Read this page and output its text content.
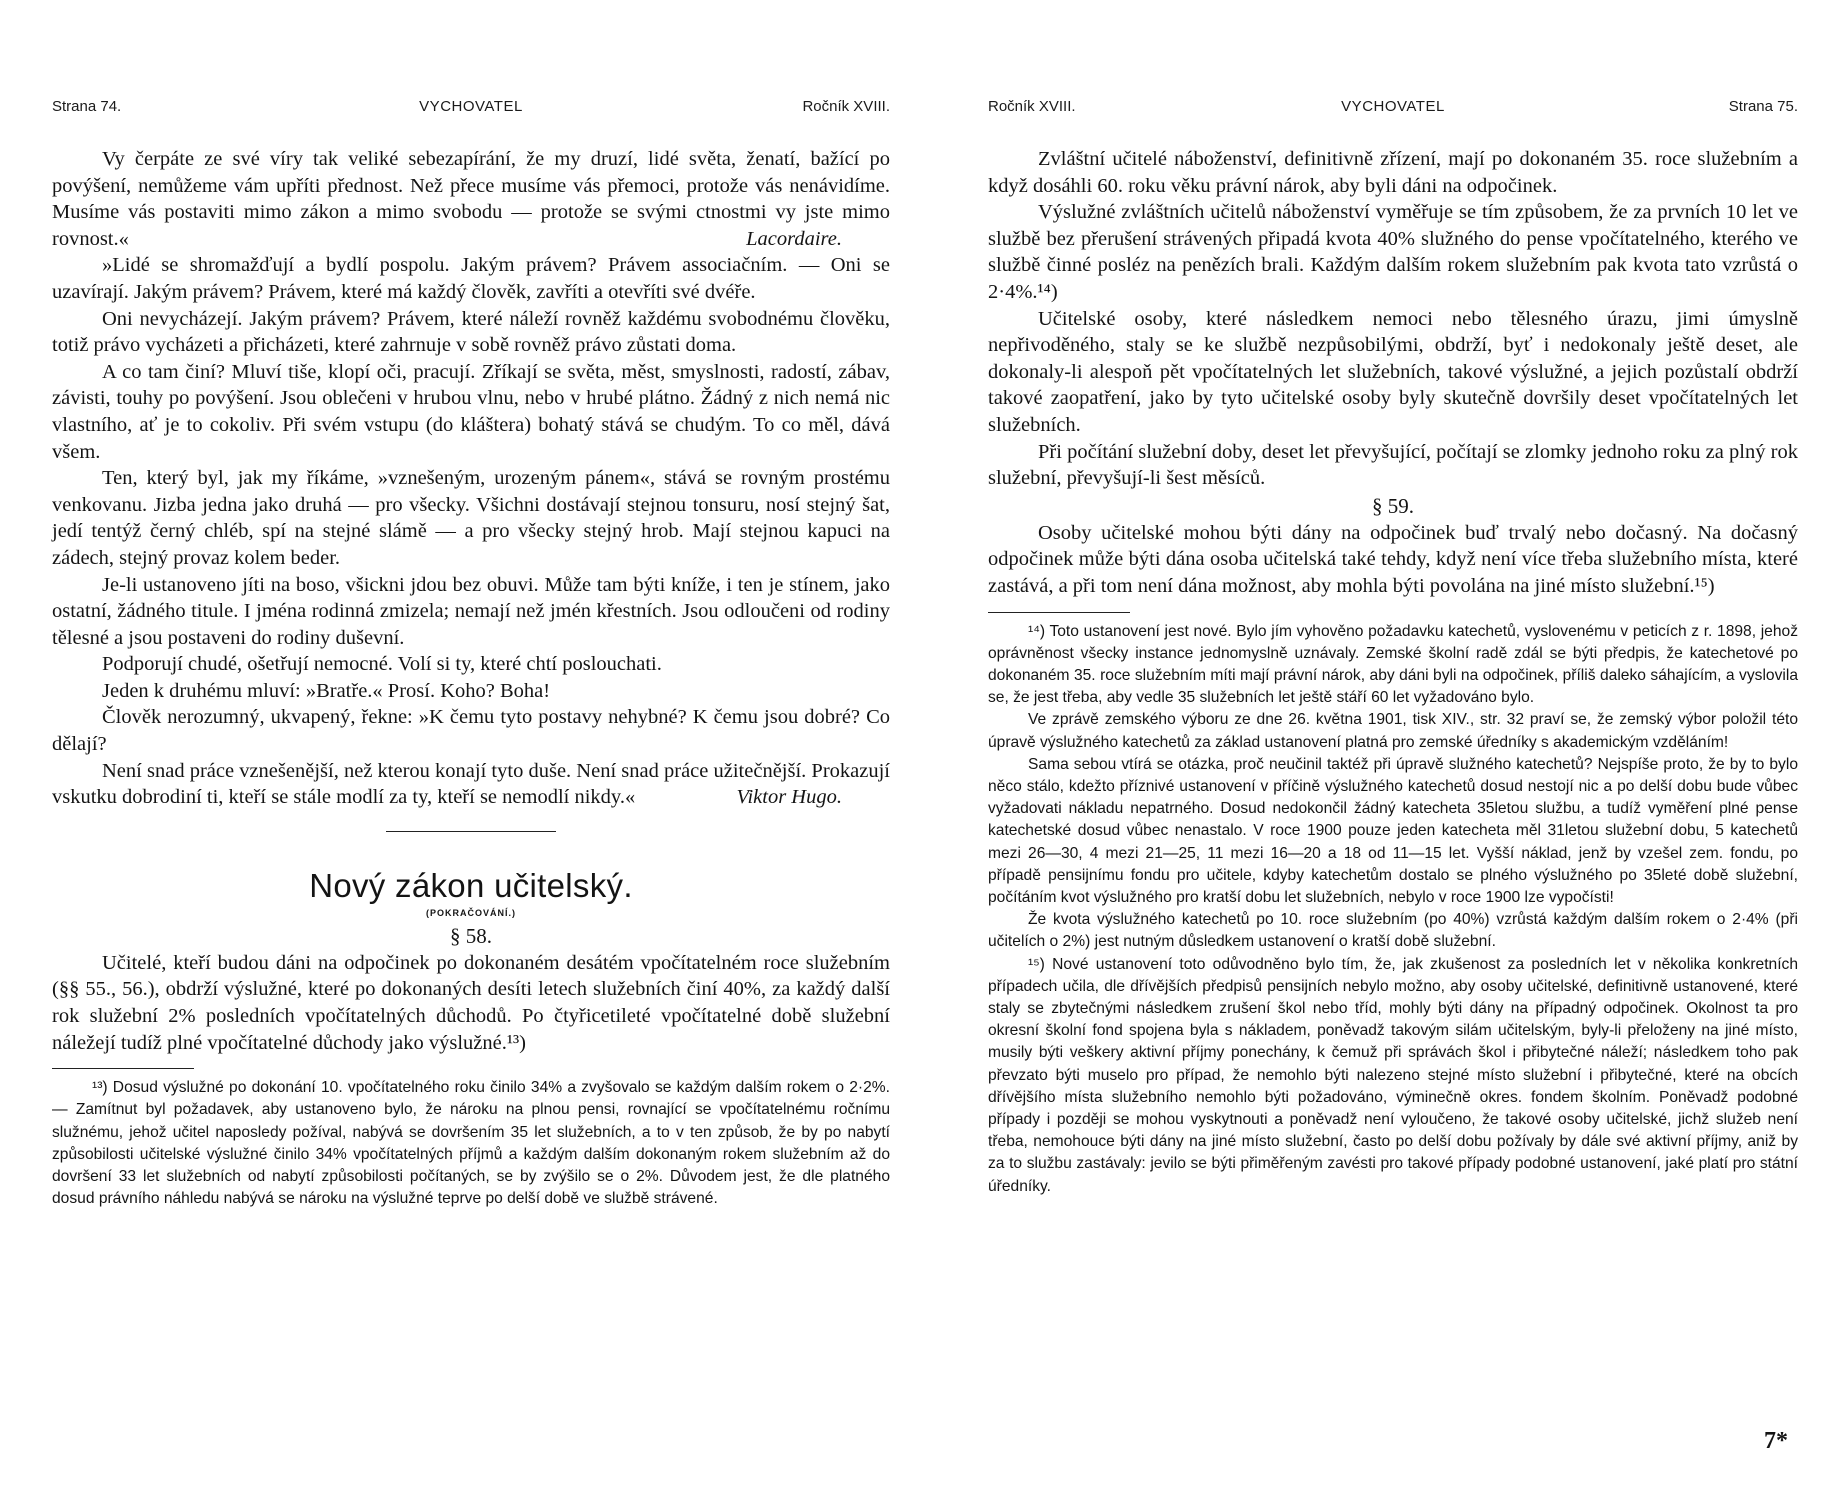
Strana 74.	VYCHOVATEL	Ročník XVIII.

Vy čerpáte ze své víry tak veliké sebezapírání, že my druzí, lidé světa, ženatí, bažící po povýšení, nemůžeme vám upříti přednost. Než přece musíme vás přemoci, protože vás nenávidíme. Musíme vás postaviti mimo zákon a mimo svobodu — protože se svými ctnostmi vy jste mimo rovnost.«	Lacordaire.

»Lidé se shromažďují a bydlí pospolu. Jakým právem? Právem associačním. — Oni se uzavírají. Jakým právem? Právem, které má každý člověk, zavříti a otevříti své dvéře.

Oni nevycházejí. Jakým právem? Právem, které náleží rovněž každému svobodnému člověku, totiž právo vycházeti a přicházeti, které zahrnuje v sobě rovněž právo zůstati doma.

A co tam činí? Mluví tiše, klopí oči, pracují. Zříkají se světa, měst, smyslnosti, radostí, zábav, závisti, touhy po povýšení. Jsou oblečeni v hrubou vlnu, nebo v hrubé plátno. Žádný z nich nemá nic vlastního, ať je to cokoliv. Při svém vstupu (do kláštera) bohatý stává se chudým. To co měl, dává všem.

Ten, který byl, jak my říkáme, »vznešeným, urozeným pánem«, stává se rovným prostému venkovanu. Jizba jedna jako druhá — pro všecky. Všichni dostávají stejnou tonsuru, nosí stejný šat, jedí tentýž černý chléb, spí na stejné slámě — a pro všecky stejný hrob. Mají stejnou kapuci na zádech, stejný provaz kolem beder.

Je-li ustanoveno jíti na boso, všickni jdou bez obuvi. Může tam býti kníže, i ten je stínem, jako ostatní, žádného titule. I jména rodinná zmizela; nemají než jmén křestních. Jsou odloučeni od rodiny tělesné a jsou postaveni do rodiny duševní.

Podporují chudé, ošetřují nemocné. Volí si ty, které chtí poslouchati.

Jeden k druhému mluví: »Bratře.« Prosí. Koho? Boha!

Člověk nerozumný, ukvapený, řekne: »K čemu tyto postavy nehybné? K čemu jsou dobré? Co dělají?

Není snad práce vznešenější, než kterou konají tyto duše. Není snad práce užitečnější. Prokazují vskutku dobrodiní ti, kteří se stále modlí za ty, kteří se nemodlí nikdy.«	Viktor Hugo.

Nový zákon učitelský.
(POKRAČOVÁNÍ.)

§ 58.

Učitelé, kteří budou dáni na odpočinek po dokonaném desátém vpočítatelném roce služebním (§§ 55., 56.), obdrží výslužné, které po dokonaných desíti letech služebních činí 40%, za každý další rok služební 2% posledních vpočítatelných důchodů. Po čtyřicetileté vpočítatelné době služební náležejí tudíž plné vpočítatelné důchody jako výslužné.¹³)

¹³) Dosud výslužné po dokonání 10. vpočítatelného roku činilo 34% a zvyšovalo se každým dalším rokem o 2·2%. — Zamítnut byl požadavek, aby ustanoveno bylo, že nároku na plnou pensi, rovnající se vpočítatelnému ročnímu služnému, jehož učitel naposledy požíval, nabývá se dovršením 35 let služebních, a to v ten způsob, že by po nabytí způsobilosti učitelské výslužné činilo 34% vpočítatelných příjmů a každým dalším dokonaným rokem služebním až do dovršení 33 let služebních od nabytí způsobilosti počítaných, se by zvýšilo se o 2%. Důvodem jest, že dle platného dosud právního náhledu nabývá se nároku na výslužné teprve po delší době ve službě strávené.

Ročník XVIII.	VYCHOVATEL	Strana 75.

Zvláštní učitelé náboženství, definitivně zřízení, mají po dokonaném 35. roce služebním a když dosáhli 60. roku věku právní nárok, aby byli dáni na odpočinek.

Výslužné zvláštních učitelů náboženství vyměřuje se tím způsobem, že za prvních 10 let ve službě bez přerušení strávených připadá kvota 40% služného do pense vpočítatelného, kterého ve službě činné posléz na penězích brali. Každým dalším rokem služebním pak kvota tato vzrůstá o 2·4%.¹⁴)

Učitelské osoby, které následkem nemoci nebo tělesného úrazu, jimi úmyslně nepřivoděného, staly se ke službě nezpůsobilými, obdrží, byť i nedokonaly ještě deset, ale dokonaly-li alespoň pět vpočítatelných let služebních, takové výslužné, a jejich pozůstalí obdrží takové zaopatření, jako by tyto učitelské osoby byly skutečně dovršily deset vpočítatelných let služebních.

Při počítání služební doby, deset let převyšující, počítají se zlomky jednoho roku za plný rok služební, převyšují-li šest měsíců.

§ 59.

Osoby učitelské mohou býti dány na odpočinek buď trvalý nebo dočasný. Na dočasný odpočinek může býti dána osoba učitelská také tehdy, když není více třeba služebního místa, které zastává, a při tom není dána možnost, aby mohla býti povolána na jiné místo služební.¹⁵)

¹⁴) Toto ustanovení jest nové. Bylo jím vyhověno požadavku katechetů, vyslovenému v peticích z r. 1898, jehož oprávněnost všecky instance jednomyslně uznávaly. Zemské školní radě zdál se býti předpis, že katechetové po dokonaném 35. roce služebním míti mají právní nárok, aby dáni byli na odpočinek, příliš daleko sáhajícím, a vyslovila se, že jest třeba, aby vedle 35 služebních let ještě stáří 60 let vyžadováno bylo.

Ve zprávě zemského výboru ze dne 26. května 1901, tisk XIV., str. 32 praví se, že zemský výbor položil této úpravě výslužného katechetů za základ ustanovení platná pro zemské úředníky s akademickým vzděláním!

Sama sebou vtírá se otázka, proč neučinil taktéž při úpravě služného katechetů? Nejspíše proto, že by to bylo něco stálo, kdežto příznivé ustanovení v příčině výslužného katechetů dosud nestojí nic a po delší dobu bude vůbec vyžadovati nákladu nepatrného. Dosud nedokončil žádný katecheta 35letou službu, a tudíž vyměření plné pense katechetské dosud vůbec nenastalo. V roce 1900 pouze jeden katecheta měl 31letou služební dobu, 5 katechetů mezi 26—30, 4 mezi 21—25, 11 mezi 16—20 a 18 od 11—15 let. Vyšší náklad, jenž by vzešel zem. fondu, po případě pensijnímu fondu pro učitele, kdyby katechetům dostalo se plného výslužného po 35leté době služební, počítáním kvot výslužného pro kratší dobu let služebních, nebylo v roce 1900 lze vypočísti!

Že kvota výslužného katechetů po 10. roce služebním (po 40%) vzrůstá každým dalším rokem o 2·4% (při učitelích o 2%) jest nutným důsledkem ustanovení o kratší době služební.

¹⁵) Nové ustanovení toto odůvodněno bylo tím, že, jak zkušenost za posledních let v několika konkretních případech učila, dle dřívějších předpisů pensijních nebylo možno, aby osoby učitelské, definitivně ustanovené, které staly se zbytečnými následkem zrušení škol nebo tříd, mohly býti dány na případný odpočinek. Okolnost ta pro okresní školní fond spojena byla s nákladem, poněvadž takovým silám učitelským, byly-li přeloženy na jiné místo, musily býti veškery aktivní příjmy ponechány, k čemuž při správách škol i přibytečné náleží; následkem toho pak převzato býti muselo pro případ, že nemohlo býti nalezeno stejné místo služební i přibytečné, které na obcích dřívějšího místa služebního nemohlo býti požadováno, výminečně okres. fondem školním. Poněvadž podobné případy i později se mohou vyskytnouti a poněvadž není vyloučeno, že takové osoby učitelské, jichž služeb není třeba, nemohouce býti dány na jiné místo služební, často po delší dobu požívaly by dále své aktivní příjmy, aniž by za to službu zastávaly: jevilo se býti přiměřeným zavésti pro takové případy podobné ustanovení, jaké platí pro státní úředníky.

7*
